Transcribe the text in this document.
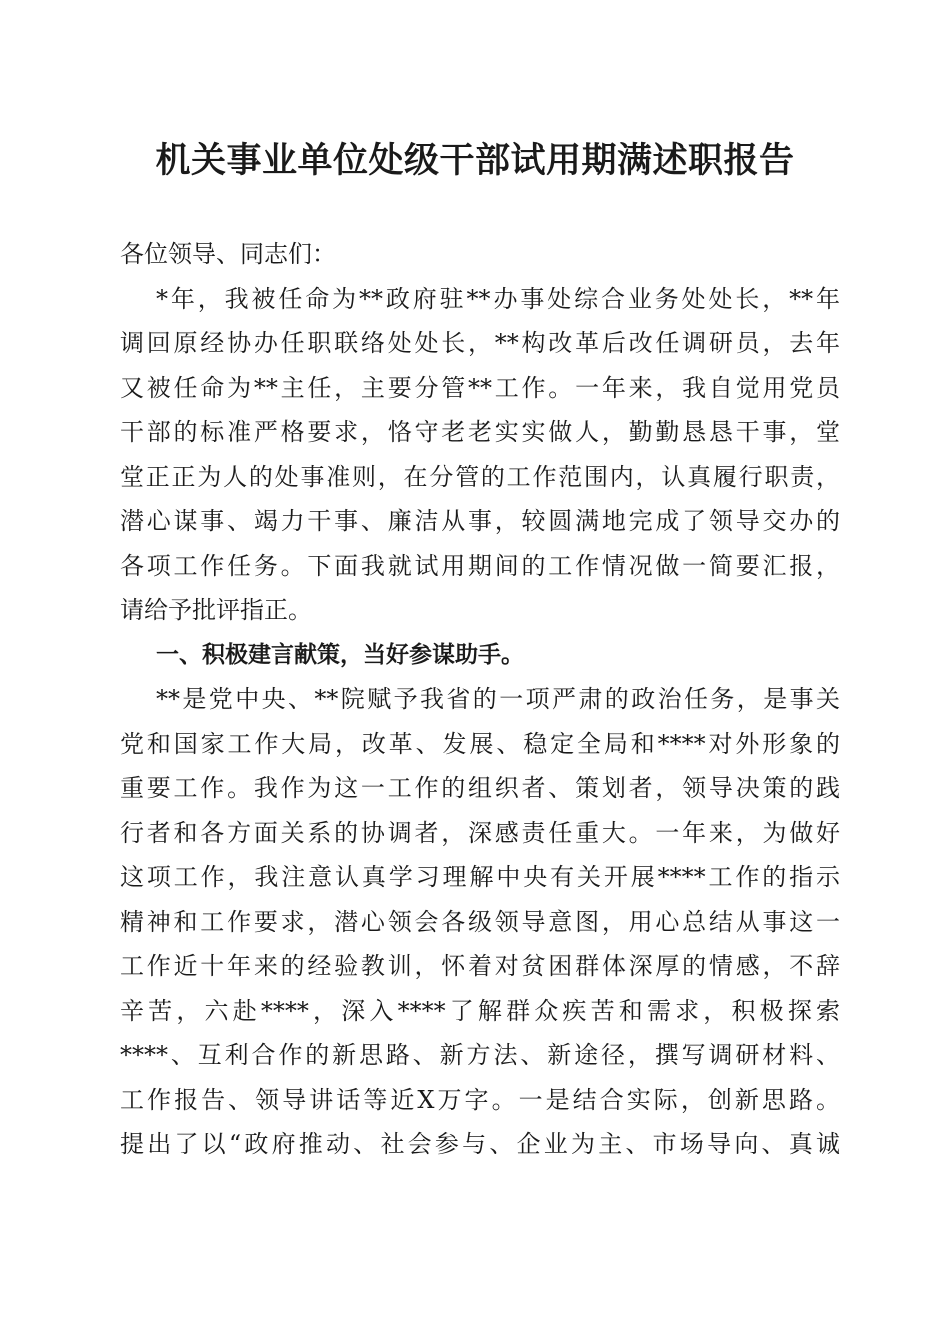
机关事业单位处级干部试用期满述职报告
各位领导、同志们：
*年，我被任命为**政府驻**办事处综合业务处处长，**年
调回原经协办任职联络处处长，**构改革后改任调研员，去年
又被任命为**主任，主要分管**工作。一年来，我自觉用党员
干部的标准严格要求，恪守老老实实做人，勤勤恳恳干事，堂
堂正正为人的处事准则，在分管的工作范围内，认真履行职责，
潜心谋事、竭力干事、廉洁从事，较圆满地完成了领导交办的
各项工作任务。下面我就试用期间的工作情况做一简要汇报，
请给予批评指正。
一、积极建言献策，当好参谋助手。
**是党中央、**院赋予我省的一项严肃的政治任务，是事关
党和国家工作大局，改革、发展、稳定全局和****对外形象的
重要工作。我作为这一工作的组织者、策划者，领导决策的践
行者和各方面关系的协调者，深感责任重大。一年来，为做好
这项工作，我注意认真学习理解中央有关开展****工作的指示
精神和工作要求，潜心领会各级领导意图，用心总结从事这一
工作近十年来的经验教训，怀着对贫困群体深厚的情感，不辞
辛苦，六赴****，深入****了解群众疾苦和需求，积极探索
****、互利合作的新思路、新方法、新途径，撰写调研材料、
工作报告、领导讲话等近X万字。一是结合实际，创新思路。
提出了以“政府推动、社会参与、企业为主、市场导向、真诚
